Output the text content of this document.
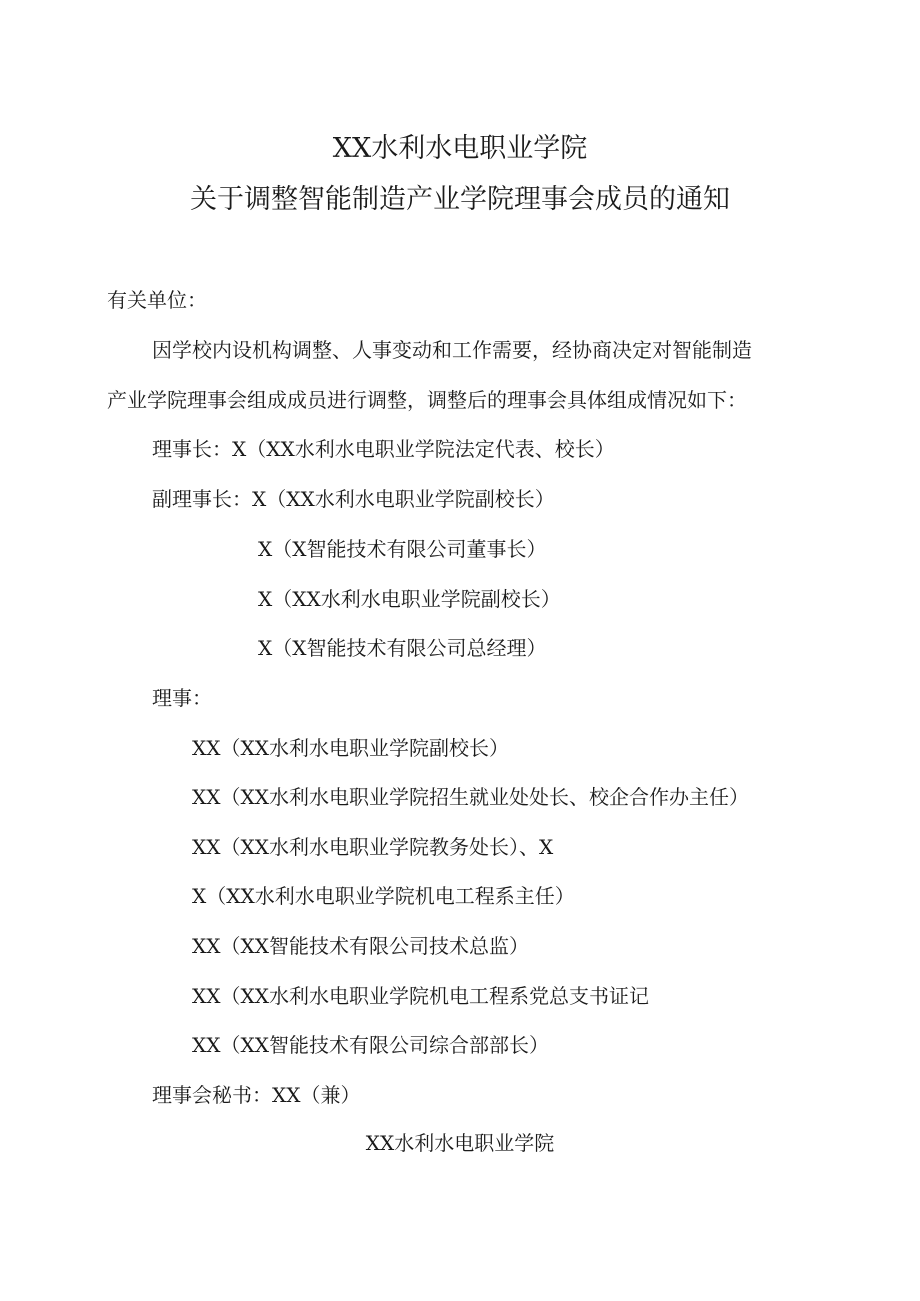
XX水利水电职业学院
关于调整智能制造产业学院理事会成员的通知

有关单位：

因学校内设机构调整、人事变动和工作需要，经协商决定对智能制造

产业学院理事会组成成员进行调整，调整后的理事会具体组成情况如下：

理事长：X（XX水利水电职业学院法定代表、校长）

副理事长：X（XX水利水电职业学院副校长）

X（X智能技术有限公司董事长）

X（XX水利水电职业学院副校长）

X（X智能技术有限公司总经理）

理事：

XX（XX水利水电职业学院副校长）

XX（XX水利水电职业学院招生就业处处长、校企合作办主任）

XX（XX水利水电职业学院教务处长）、X

X（XX水利水电职业学院机电工程系主任）

XX（XX智能技术有限公司技术总监）

XX（XX水利水电职业学院机电工程系党总支书证记

XX（XX智能技术有限公司综合部部长）

理事会秘书：XX（兼）

XX水利水电职业学院
